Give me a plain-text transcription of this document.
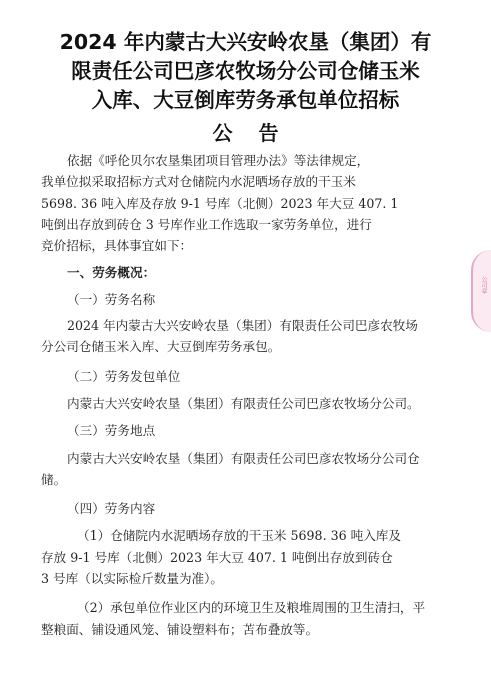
2024 年内蒙古大兴安岭农垦（集团）有
限责任公司巴彦农牧场分公司仓储玉米
入库、大豆倒库劳务承包单位招标
公告
依据《呼伦贝尔农垦集团项目管理办法》等法律规定，
我单位拟采取招标方式对仓储院内水泥晒场存放的干玉米
5698. 36 吨入库及存放 9-1 号库（北侧）2023 年大豆 407. 1
吨倒出存放到砖仓 3 号库作业工作选取一家劳务单位，进行
竞价招标，具体事宜如下：
一、劳务概况：
（一）劳务名称
2024 年内蒙古大兴安岭农垦（集团）有限责任公司巴彦农牧场
分公司仓储玉米入库、大豆倒库劳务承包。
（二）劳务发包单位
内蒙古大兴安岭农垦（集团）有限责任公司巴彦农牧场分公司。
（三）劳务地点
内蒙古大兴安岭农垦（集团）有限责任公司巴彦农牧场分公司仓
储。
（四）劳务内容
（1）仓储院内水泥晒场存放的干玉米 5698. 36 吨入库及
存放 9-1 号库（北侧）2023 年大豆 407. 1 吨倒出存放到砖仓
3 号库（以实际检斤数量为准）。
（2）承包单位作业区内的环境卫生及粮堆周围的卫生清扫，平
整粮面、铺设通风笼、铺设塑料布；苫布叠放等。
公司章
